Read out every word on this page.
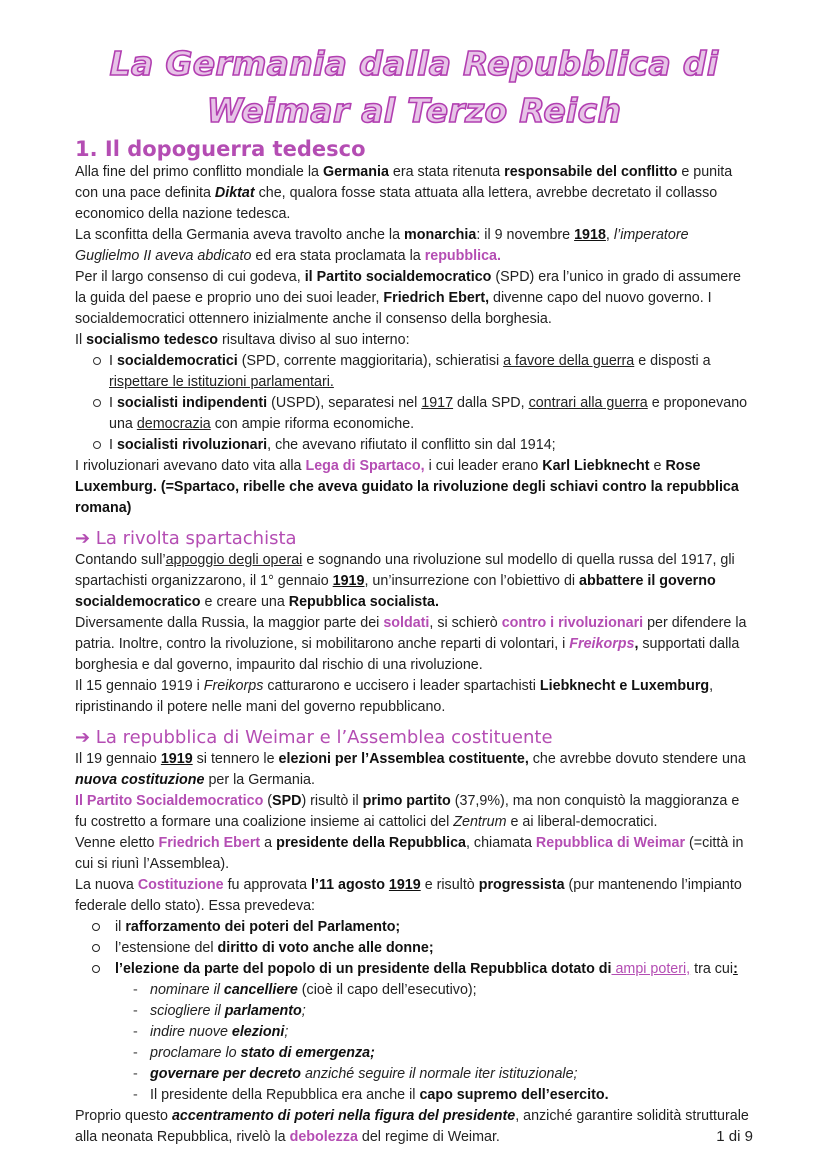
La Germania dalla Repubblica di
Weimar al Terzo Reich
1. Il dopoguerra tedesco

Alla fine del primo conflitto mondiale la Germania era stata ritenuta responsabile del conflitto e punita con una pace definita Diktat che, qualora fosse stata attuata alla lettera, avrebbe decretato il collasso economico della nazione tedesca.

La sconfitta della Germania aveva travolto anche la monarchia: il 9 novembre 1918, l’imperatore Guglielmo II aveva abdicato ed era stata proclamata la repubblica.

Per il largo consenso di cui godeva, il Partito socialdemocratico (SPD) era l’unico in grado di assumere la guida del paese e proprio uno dei suoi leader, Friedrich Ebert, divenne capo del nuovo governo. I socialdemocratici ottennero inizialmente anche il consenso della borghesia.

Il socialismo tedesco risultava diviso al suo interno:

I socialdemocratici (SPD, corrente maggioritaria), schieratisi a favore della guerra e disposti a rispettare le istituzioni parlamentari.
I socialisti indipendenti (USPD), separatesi nel 1917 dalla SPD, contrari alla guerra e proponevano una democrazia con ampie riforma economiche.
I socialisti rivoluzionari, che avevano rifiutato il conflitto sin dal 1914;

I rivoluzionari avevano dato vita alla Lega di Spartaco, i cui leader erano Karl Liebknecht e Rose Luxemburg. (=Spartaco, ribelle che aveva guidato la rivoluzione degli schiavi contro la repubblica romana)

➔ La rivolta spartachista

Contando sull’appoggio degli operai e sognando una rivoluzione sul modello di quella russa del 1917, gli spartachisti organizzarono, il 1° gennaio 1919, un’insurrezione con l’obiettivo di abbattere il governo socialdemocratico e creare una Repubblica socialista.

Diversamente dalla Russia, la maggior parte dei soldati, si schierò contro i rivoluzionari per difendere la patria. Inoltre, contro la rivoluzione, si mobilitarono anche reparti di volontari, i Freikorps, supportati dalla borghesia e dal governo, impaurito dal rischio di una rivoluzione.

Il 15 gennaio 1919 i Freikorps catturarono e uccisero i leader spartachisti Liebknecht e Luxemburg, ripristinando il potere nelle mani del governo repubblicano.

➔ La repubblica di Weimar e l’Assemblea costituente

Il 19 gennaio 1919 si tennero le elezioni per l’Assemblea costituente, che avrebbe dovuto stendere una nuova costituzione per la Germania.

Il Partito Socialdemocratico (SPD) risultò il primo partito (37,9%), ma non conquistò la maggioranza e fu costretto a formare una coalizione insieme ai cattolici del Zentrum e ai liberal-democratici.

Venne eletto Friedrich Ebert a presidente della Repubblica, chiamata Repubblica di Weimar (=città in cui si riunì l’Assemblea).

La nuova Costituzione fu approvata l’11 agosto 1919 e risultò progressista (pur mantenendo l’impianto federale dello stato). Essa prevedeva:

il rafforzamento dei poteri del Parlamento;
l’estensione del diritto di voto anche alle donne;
l’elezione da parte del popolo di un presidente della Repubblica dotato di ampi poteri, tra cui:
- nominare il cancelliere (cioè il capo dell’esecutivo);
- sciogliere il parlamento;
- indire nuove elezioni;
- proclamare lo stato di emergenza;
- governare per decreto anziché seguire il normale iter istituzionale;
- Il presidente della Repubblica era anche il capo supremo dell’esercito.

Proprio questo accentramento di poteri nella figura del presidente, anziché garantire solidità strutturale alla neonata Repubblica, rivelò la debolezza del regime di Weimar.	1 di 9
